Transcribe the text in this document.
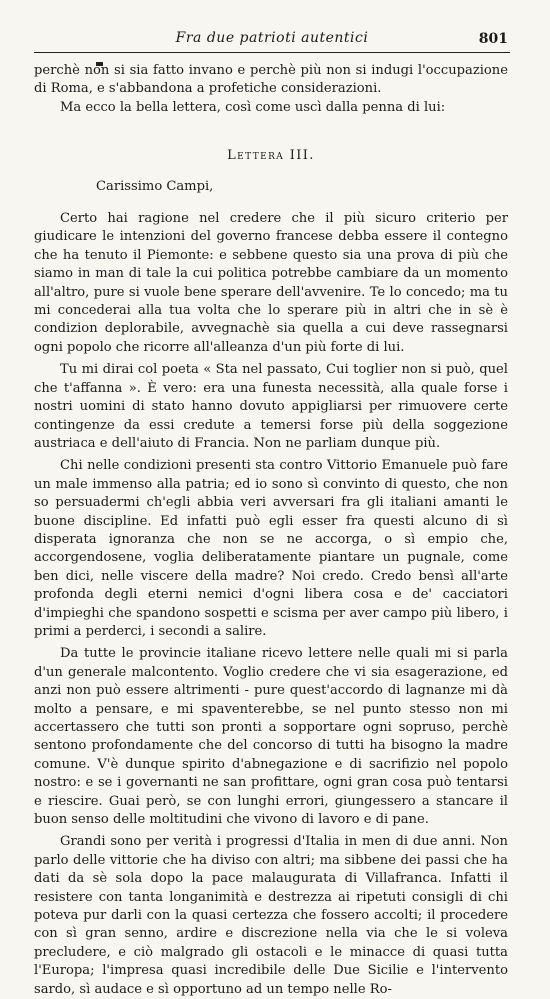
Fra due patrioti autentici	801

perchè non si sia fatto invano e perchè più non si indugi l'occupazione di Roma, e s'abbandona a profetiche considerazioni.

Ma ecco la bella lettera, così come uscì dalla penna di lui:

Lettera III.

Carissimo Campi,

Certo hai ragione nel credere che il più sicuro criterio per giudicare le intenzioni del governo francese debba essere il contegno che ha tenuto il Piemonte: e sebbene questo sia una prova di più che siamo in man di tale la cui politica potrebbe cambiare da un momento all'altro, pure si vuole bene sperare dell'avvenire. Te lo concedo; ma tu mi concederai alla tua volta che lo sperare più in altri che in sè è condizion deplorabile, avvegnachè sia quella a cui deve rassegnarsi ogni popolo che ricorre all'alleanza d'un più forte di lui.

Tu mi dirai col poeta « Sta nel passato, Cui toglier non si può, quel che t'affanna ». È vero: era una funesta necessità, alla quale forse i nostri uomini di stato hanno dovuto appigliarsi per rimuovere certe contingenze da essi credute a temersi forse più della soggezione austriaca e dell'aiuto di Francia. Non ne parliam dunque più.

Chi nelle condizioni presenti sta contro Vittorio Emanuele può fare un male immenso alla patria; ed io sono sì convinto di questo, che non so persuadermi ch'egli abbia veri avversari fra gli italiani amanti le buone discipline. Ed infatti può egli esser fra questi alcuno di sì disperata ignoranza che non se ne accorga, o sì empio che, accorgendosene, voglia deliberatamente piantare un pugnale, come ben dici, nelle viscere della madre? Noi credo. Credo bensì all'arte profonda degli eterni nemici d'ogni libera cosa e de' cacciatori d'impieghi che spandono sospetti e scisma per aver campo più libero, i primi a perderci, i secondi a salire.

Da tutte le provincie italiane ricevo lettere nelle quali mi si parla d'un generale malcontento. Voglio credere che vi sia esagerazione, ed anzi non può essere altrimenti - pure quest'accordo di lagnanze mi dà molto a pensare, e mi spaventerebbe, se nel punto stesso non mi accertassero che tutti son pronti a sopportare ogni sopruso, perchè sentono profondamente che del concorso di tutti ha bisogno la madre comune. V'è dunque spirito d'abnegazione e di sacrifizio nel popolo nostro: e se i governanti ne san profittare, ogni gran cosa può tentarsi e riescire. Guai però, se con lunghi errori, giungessero a stancare il buon senso delle moltitudini che vivono di lavoro e di pane.

Grandi sono per verità i progressi d'Italia in men di due anni. Non parlo delle vittorie che ha diviso con altri; ma sibbene dei passi che ha dati da sè sola dopo la pace malaugurata di Villafranca. Infatti il resistere con tanta longanimità e destrezza ai ripetuti consigli di chi poteva pur darli con la quasi certezza che fossero accolti; il procedere con sì gran senno, ardire e discrezione nella via che le si voleva precludere, e ciò malgrado gli ostacoli e le minacce di quasi tutta l'Europa; l'impresa quasi incredibile delle Due Sicilie e l'intervento sardo, sì audace e sì opportuno ad un tempo nelle Ro-
